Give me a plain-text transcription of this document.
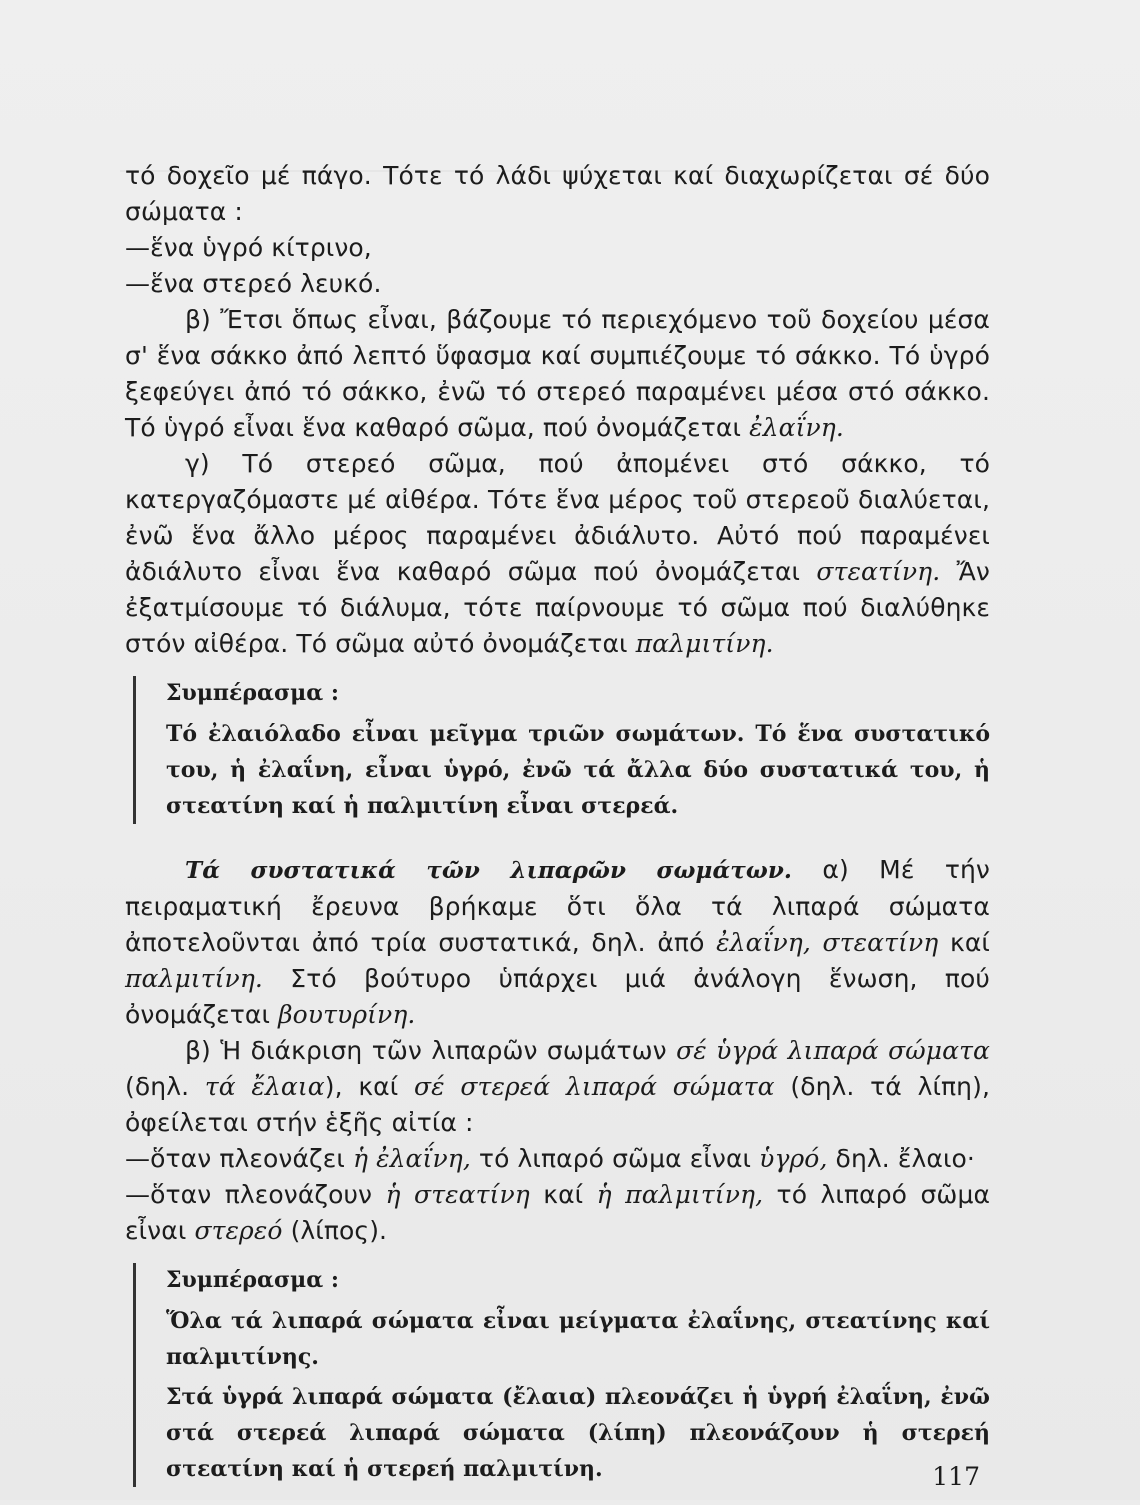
τό δοχεῖο μέ πάγο. Τότε τό λάδι ψύχεται καί διαχωρίζεται σέ δύο σώματα :

—ἕνα ὑγρό κίτρινο,

—ἕνα στερεό λευκό.

β) Ἔτσι ὅπως εἶναι, βάζουμε τό περιεχόμενο τοῦ δοχείου μέσα σ' ἕνα σάκκο ἀπό λεπτό ὕφασμα καί συμπιέζουμε τό σάκκο. Τό ὑγρό ξεφεύγει ἀπό τό σάκκο, ἐνῶ τό στερεό παραμένει μέσα στό σάκκο. Τό ὑγρό εἶναι ἕνα καθαρό σῶμα, πού ὀνομάζεται ἐλαΐνη.

γ) Τό στερεό σῶμα, πού ἀπομένει στό σάκκο, τό κατεργαζόμαστε μέ αἰθέρα. Τότε ἕνα μέρος τοῦ στερεοῦ διαλύεται, ἐνῶ ἕνα ἄλλο μέρος παραμένει ἀδιάλυτο. Αὐτό πού παραμένει ἀδιάλυτο εἶναι ἕνα καθαρό σῶμα πού ὀνομάζεται στεατίνη. Ἄν ἐξατμίσουμε τό διάλυμα, τότε παίρνουμε τό σῶμα πού διαλύθηκε στόν αἰθέρα. Τό σῶμα αὐτό ὀνομάζεται παλμιτίνη.

Συμπέρασμα :

Τό ἐλαιόλαδο εἶναι μεῖγμα τριῶν σωμάτων. Τό ἕνα συστατικό του, ἡ ἐλαΐνη, εἶναι ὑγρό, ἐνῶ τά ἄλλα δύο συστατικά του, ἡ στεατίνη καί ἡ παλμιτίνη εἶναι στερεά.

Τά συστατικά τῶν λιπαρῶν σωμάτων. α) Μέ τήν πειραματική ἔρευνα βρήκαμε ὅτι ὅλα τά λιπαρά σώματα ἀποτελοῦνται ἀπό τρία συστατικά, δηλ. ἀπό ἐλαΐνη, στεατίνη καί παλμιτίνη. Στό βούτυρο ὑπάρχει μιά ἀνάλογη ἕνωση, πού ὀνομάζεται βουτυρίνη.

β) Ἡ διάκριση τῶν λιπαρῶν σωμάτων σέ ὑγρά λιπαρά σώματα (δηλ. τά ἔλαια), καί σέ στερεά λιπαρά σώματα (δηλ. τά λίπη), ὀφείλεται στήν ἑξῆς αἰτία :

—ὅταν πλεονάζει ἡ ἐλαΐνη, τό λιπαρό σῶμα εἶναι ὑγρό, δηλ. ἔλαιο·

—ὅταν πλεονάζουν ἡ στεατίνη καί ἡ παλμιτίνη, τό λιπαρό σῶμα εἶναι στερεό (λίπος).

Συμπέρασμα :

Ὅλα τά λιπαρά σώματα εἶναι μείγματα ἐλαΐνης, στεατίνης καί παλμιτίνης.

Στά ὑγρά λιπαρά σώματα (ἔλαια) πλεονάζει ἡ ὑγρή ἐλαΐνη, ἐνῶ στά στερεά λιπαρά σώματα (λίπη) πλεονάζουν ἡ στερεή στεατίνη καί ἡ στερεή παλμιτίνη.	117
